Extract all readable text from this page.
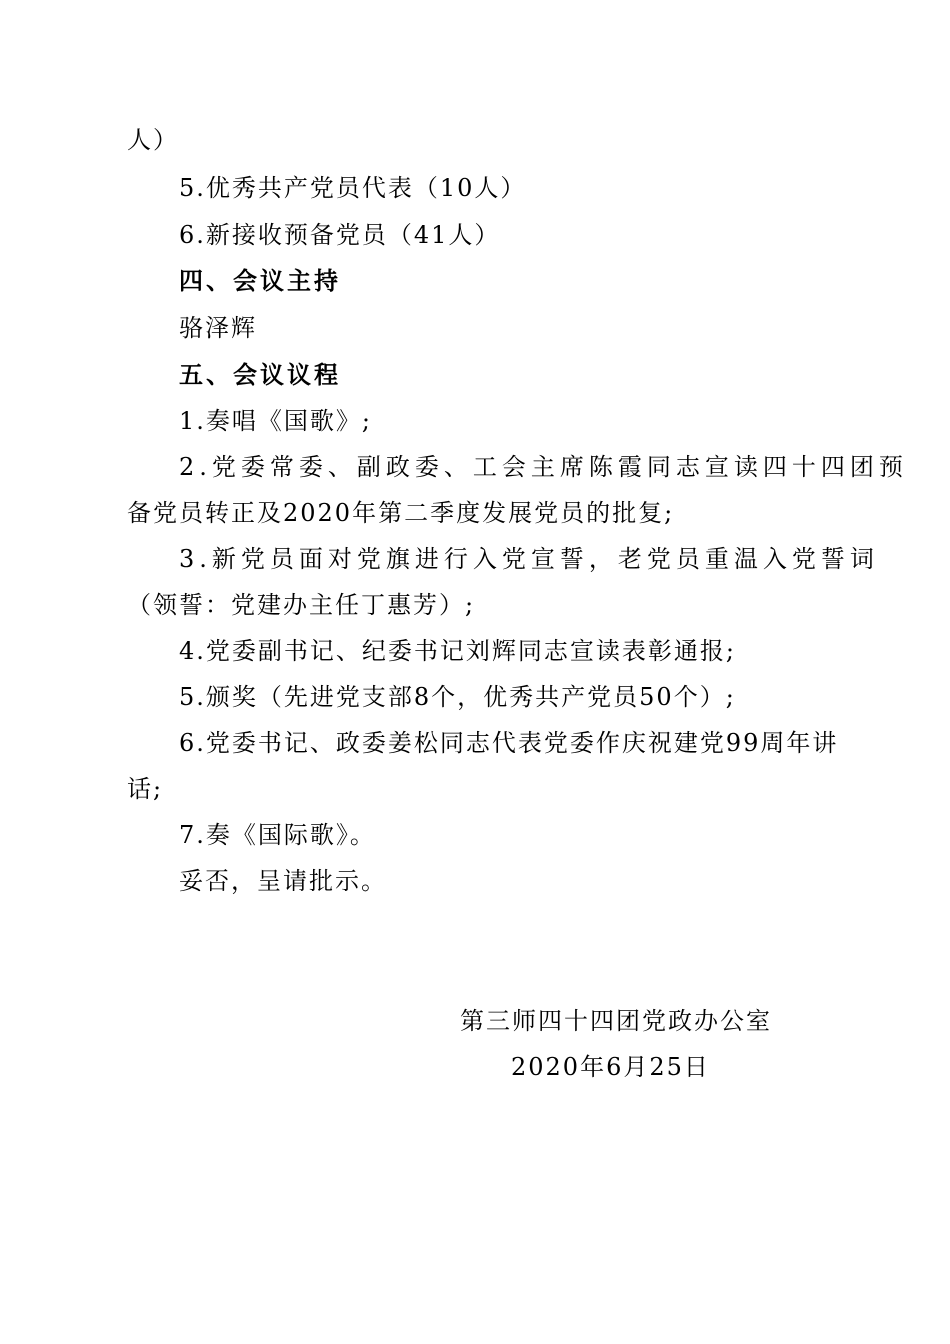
人）
5.优秀共产党员代表（10人）
6.新接收预备党员（41人）
四、会议主持
骆泽辉
五、会议议程
1.奏唱《国歌》;
2.党委常委、副政委、工会主席陈霞同志宣读四十四团预
备党员转正及2020年第二季度发展党员的批复;
3.新党员面对党旗进行入党宣誓，老党员重温入党誓词
（领誓：党建办主任丁惠芳）;
4.党委副书记、纪委书记刘辉同志宣读表彰通报;
5.颁奖（先进党支部8个，优秀共产党员50个）;
6.党委书记、政委姜松同志代表党委作庆祝建党99周年讲
话;
7.奏《国际歌》。
妥否，呈请批示。
第三师四十四团党政办公室
2020年6月25日
